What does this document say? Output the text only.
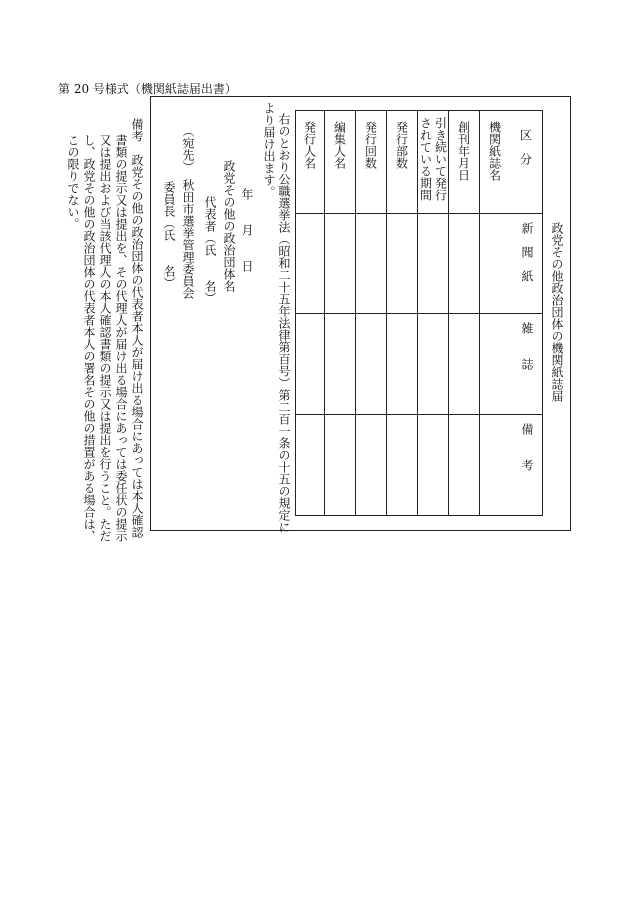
第 20 号様式（機関紙誌届出書）
政党その他政治団体の機関紙誌届
区　分
新　聞　紙
雑　　誌
備　　考
機関紙誌名
創刊年月日
引き続いて発行
されている期間
発行部数
発行回数
編集人名
発行人名
右のとおり公職選挙法（昭和二十五年法律第百号）第二百一条の十五の規定に
より届け出ます。
年　　月　　日
政党その他の政治団体名
代表者（氏　　名）
（宛先）　秋田市選挙管理委員会
委員長（氏　　名）
備考　政党その他の政治団体の代表者本人が届け出る場合にあっては本人確認
書類の提示又は提出を、その代理人が届け出る場合にあっては委任状の提示
又は提出および当該代理人の本人確認書類の提示又は提出を行うこと。ただ
し、政党その他の政治団体の代表者本人の署名その他の措置がある場合は、
この限りでない。
